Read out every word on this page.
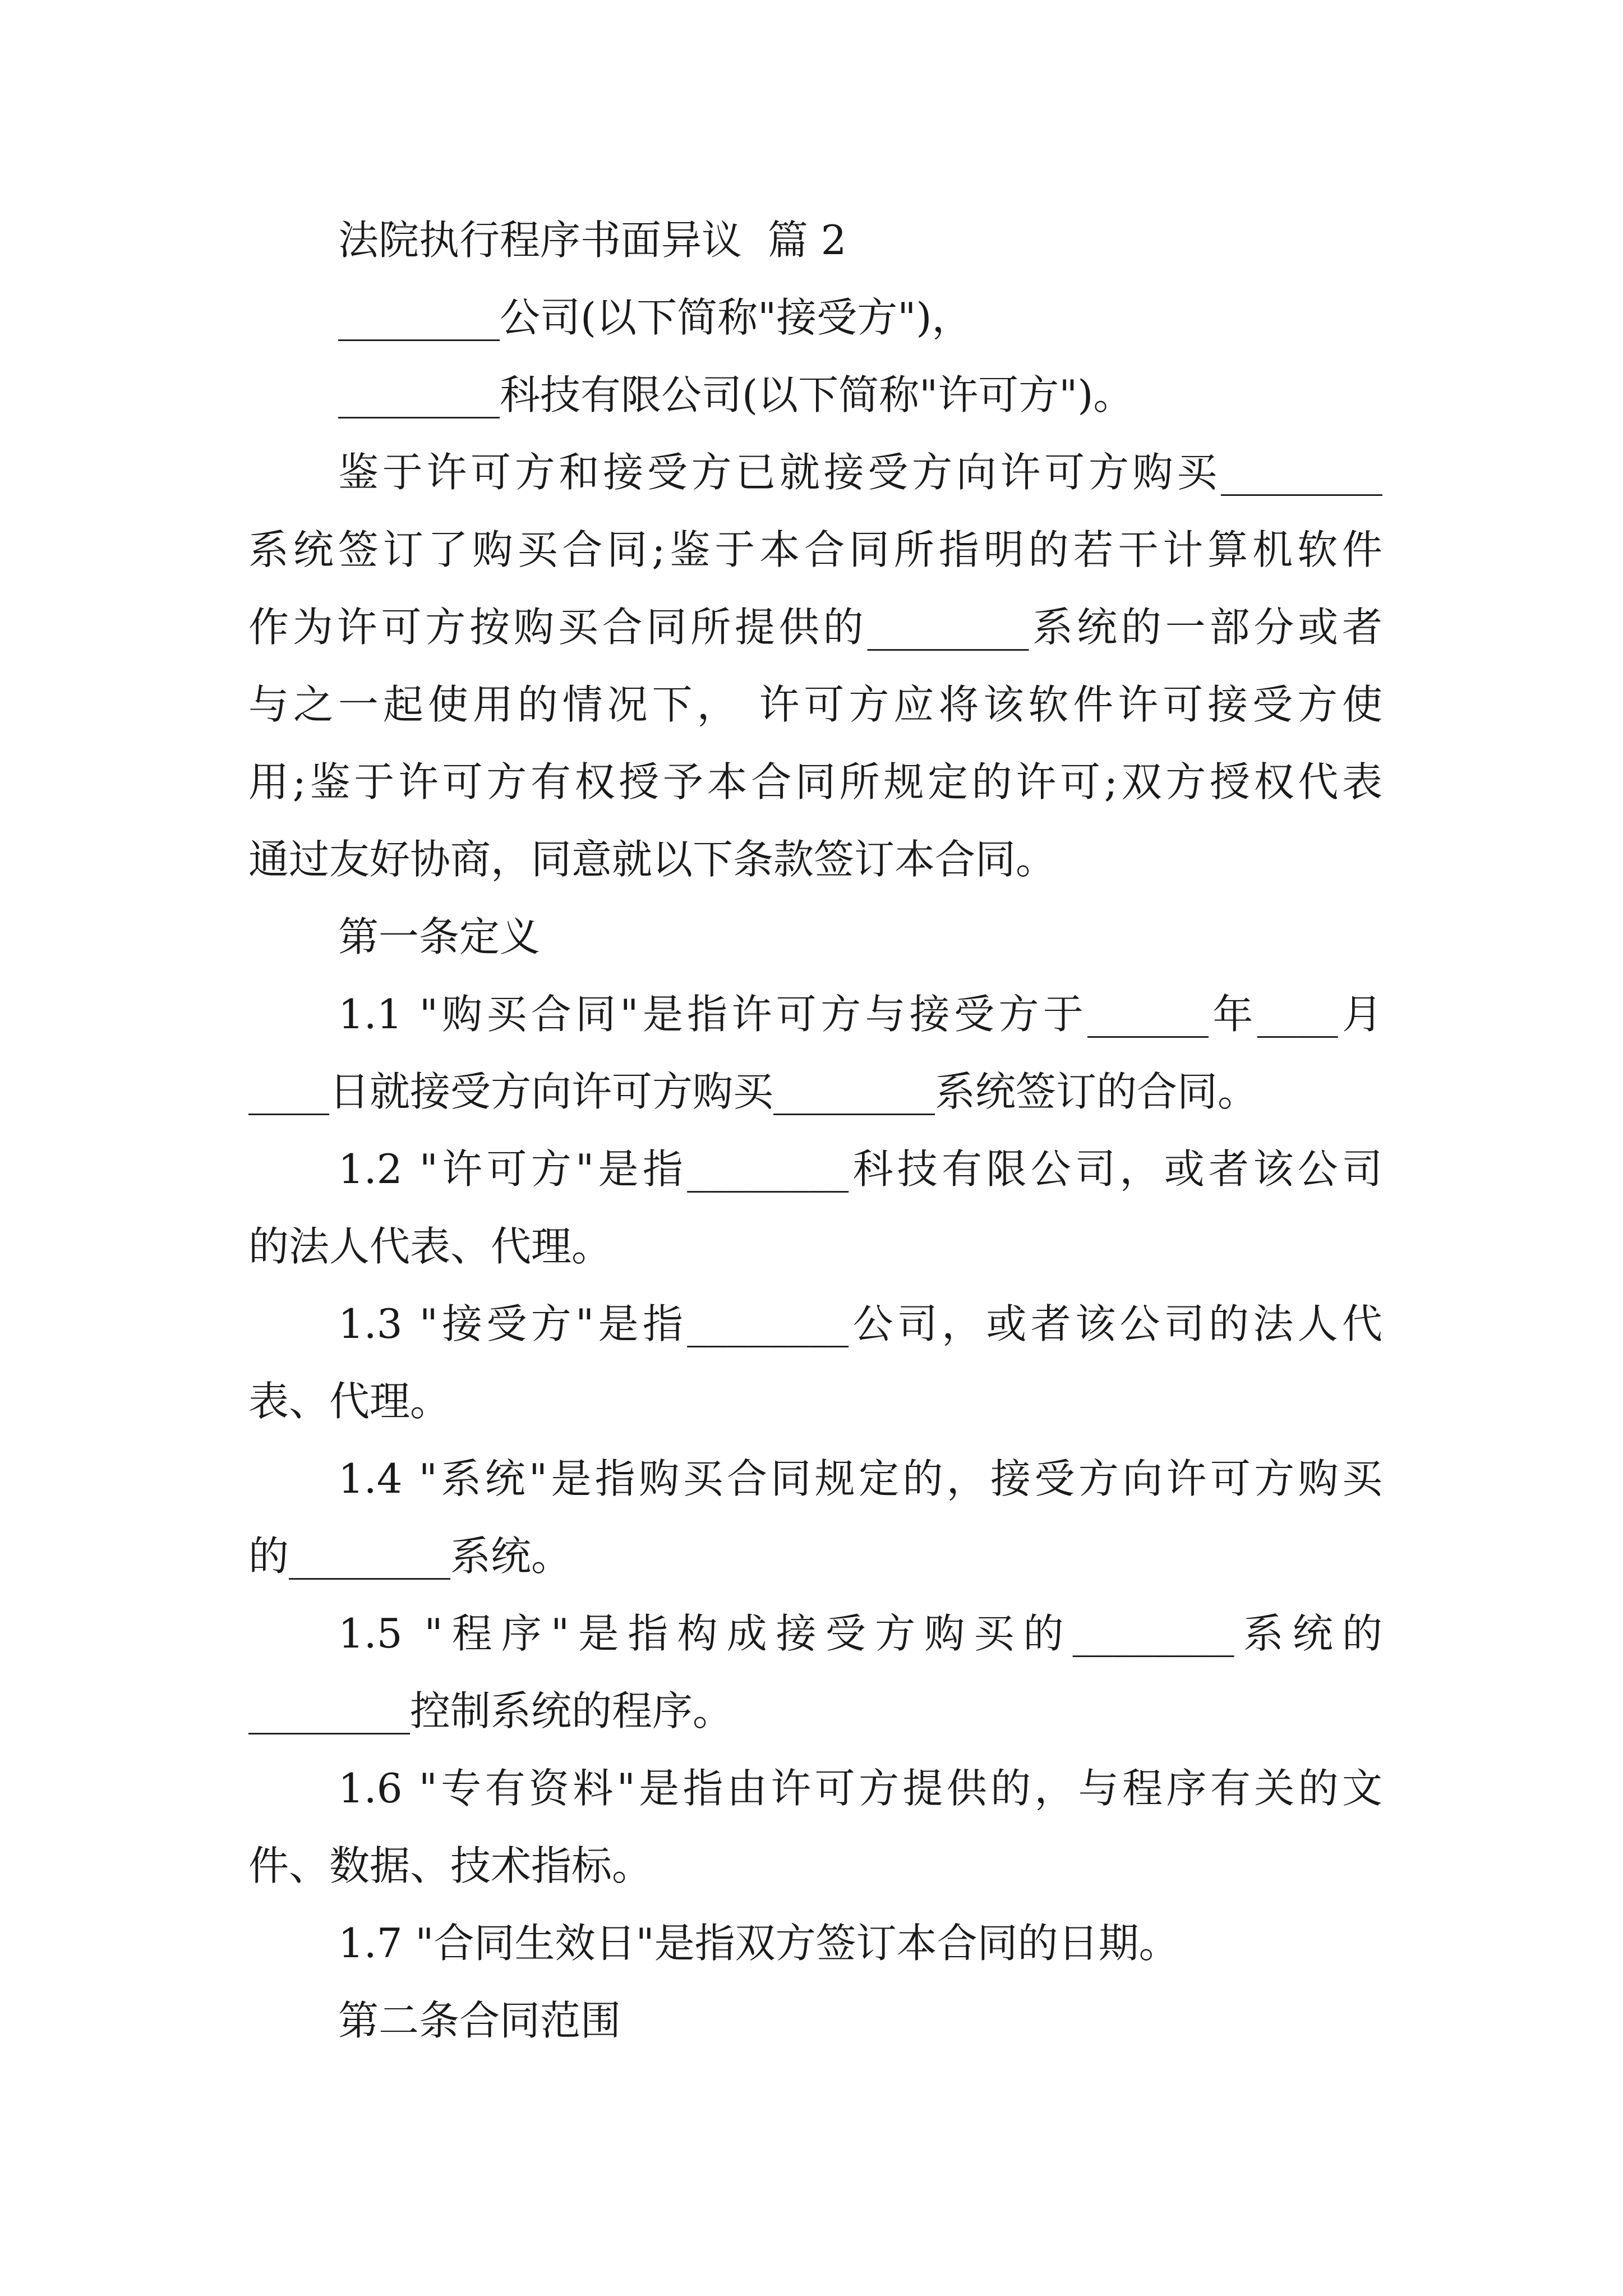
法院执行程序书面异议  篇 2
________公司(以下简称"接受方")，
________科技有限公司(以下简称"许可方")。
鉴于许可方和接受方已就接受方向许可方购买________
系统签订了购买合同;鉴于本合同所指明的若干计算机软件
作为许可方按购买合同所提供的________系统的一部分或者
与之一起使用的情况下， 许可方应将该软件许可接受方使
用;鉴于许可方有权授予本合同所规定的许可;双方授权代表
通过友好协商，同意就以下条款签订本合同。
第一条定义
1.1 "购买合同"是指许可方与接受方于______年____月
____日就接受方向许可方购买________系统签订的合同。
1.2 "许可方"是指________科技有限公司，或者该公司
的法人代表、代理。
1.3 "接受方"是指________公司，或者该公司的法人代
表、代理。
1.4 "系统"是指购买合同规定的，接受方向许可方购买
的________系统。
1.5 "程序"是指构成接受方购买的________系统的
________控制系统的程序。
1.6 "专有资料"是指由许可方提供的，与程序有关的文
件、数据、技术指标。
1.7 "合同生效日"是指双方签订本合同的日期。
第二条合同范围
